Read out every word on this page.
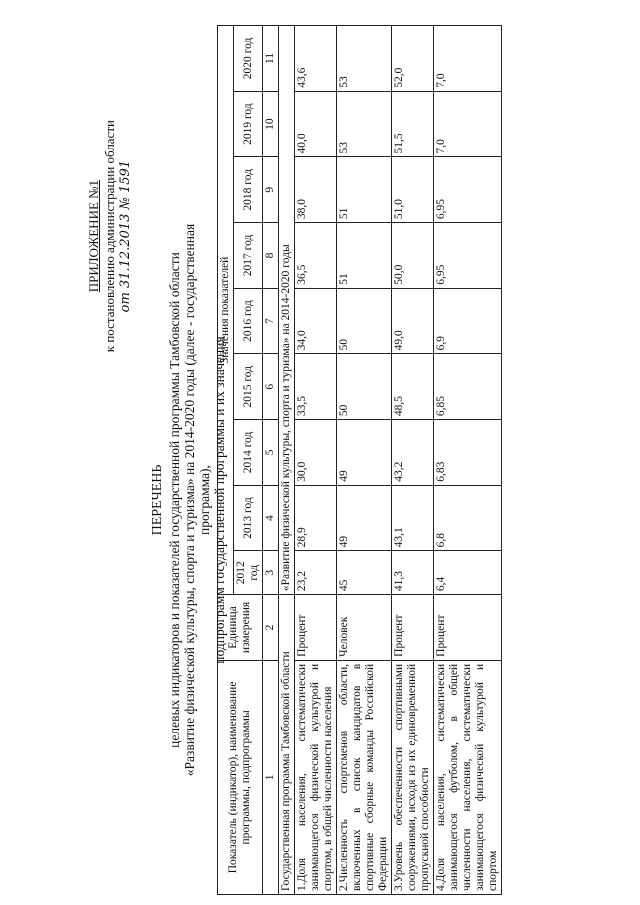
ПРИЛОЖЕНИЕ №1 к постановлению администрации области от 31.12.2013 № 1591
ПЕРЕЧЕНЬ целевых индикаторов и показателей государственной программы Тамбовской области «Развитие физической культуры, спорта и туризма» на 2014-2020 годы (далее - государственная программа), подпрограмм государственной программы и их значения
Показатель (индикатор), наименование программы, подпрограммы	Единица измерения	Значения показателей								
		2012 год	2013 год	2014 год	2015 год	2016 год	2017 год	2018 год	2019 год	2020 год
1	2	3	4	5	6	7	8	9	10	11
Государственная программа Тамбовской области		«Развитие физической культуры, спорта и туризма» на 2014-2020 годы								
1.Доля населения, систематически занимающегося физической культурой и спортом, в общей численности населения	Процент	23,2	28,9	30,0	33,5	34,0	36,5	38,0	40,0	43,6
2.Численность спортсменов области, включенных в список кандидатов в спортивные сборные команды Российской Федерации	Человек	45	49	49	50	50	51	51	53	53
3.Уровень обеспеченности спортивными сооружениями, исходя из их единовременной пропускной способности	Процент	41,3	43,1	43,2	48,5	49,0	50,0	51,0	51,5	52,0
4.Доля населения, систематически занимающегося футболом, в общей численности населения, систематически занимающегося физической культурой и спортом	Процент	6,4	6,8	6,83	6,85	6,9	6,95	6,95	7,0	7,0
